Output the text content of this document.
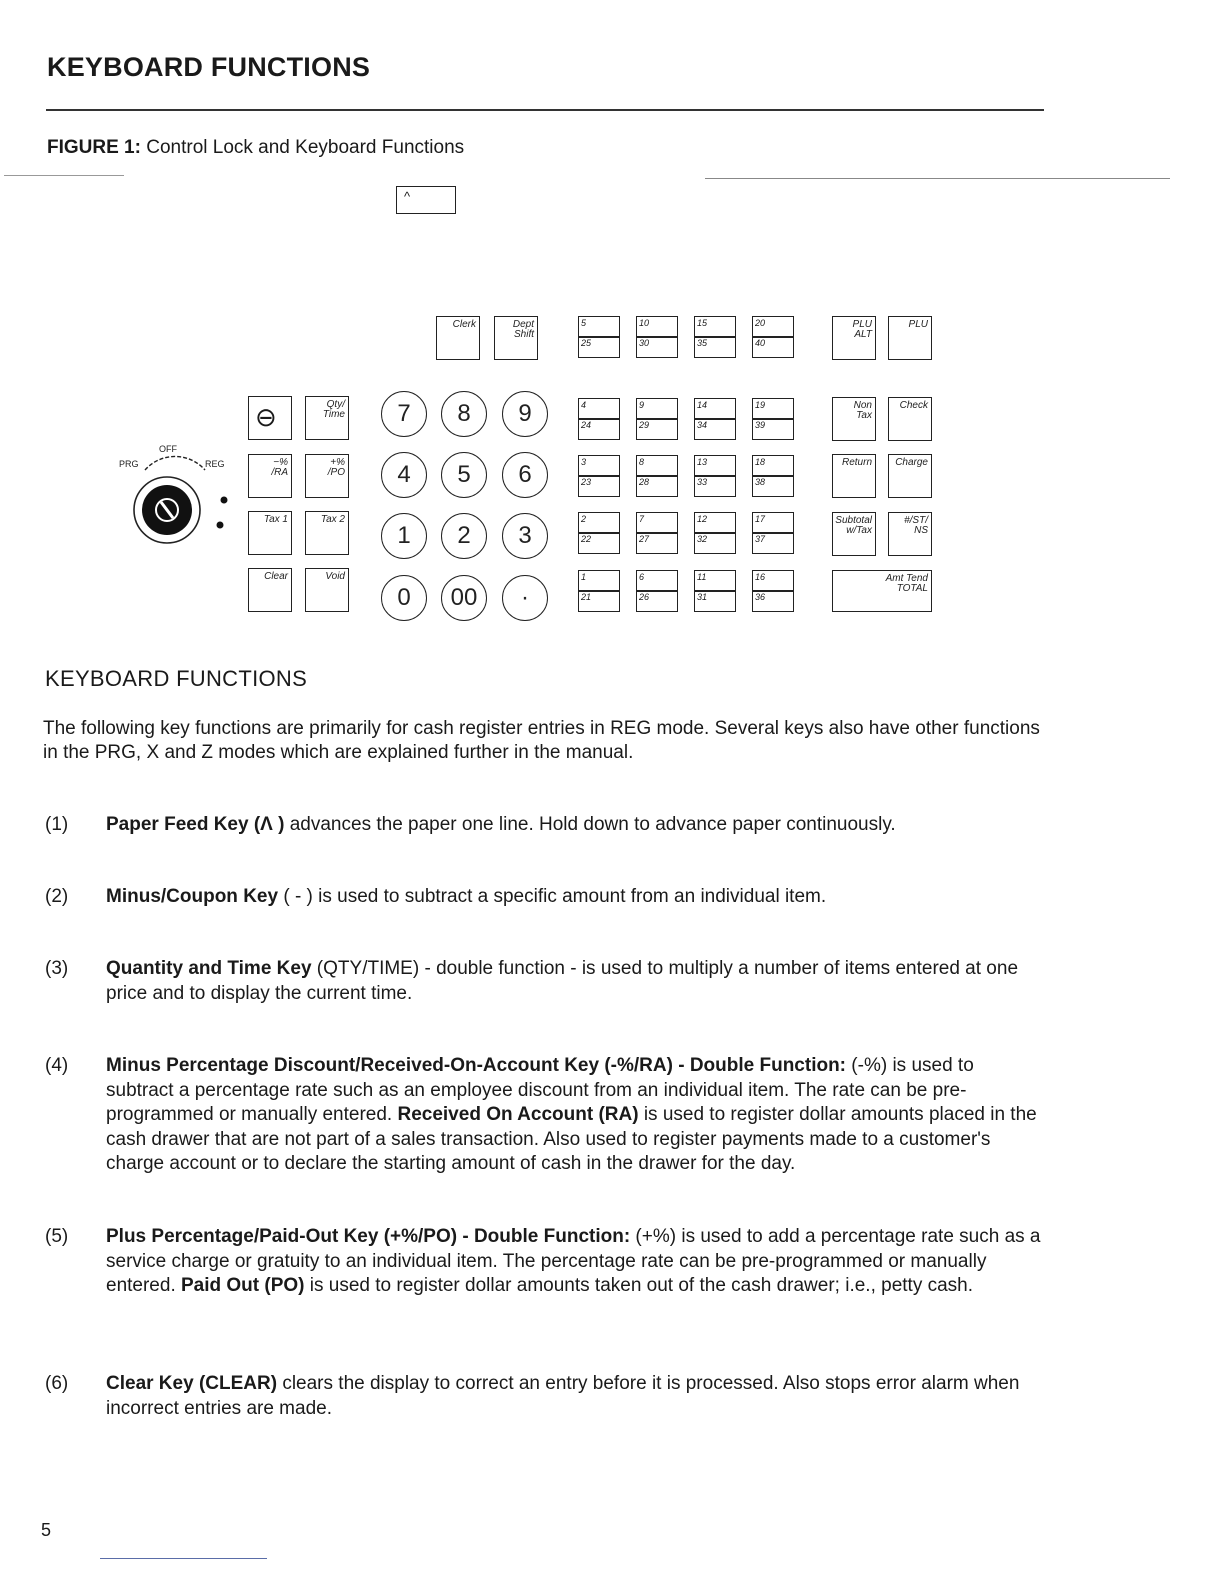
KEYBOARD FUNCTIONS
FIGURE 1: Control Lock and Keyboard Functions
^
OFF
PRG	REG
⊖	Qty/
Time
−%
/RA
+%
/PO
Tax 1	Tax 2
Clear	Void
Clerk	Dept
Shift
7	8	9
4	5	6
1	2	3
0	00	·
5
25
10
30
15
35
20
40
4
24
9
29
14
34
19
39
3
23
8
28
13
33
18
38
2
22
7
27
12
32
17
37
1
21
6
26
11
31
16
36
PLU
ALT
PLU
Non
Tax
Check
Return Charge
Subtotal
w/Tax
#/ST/
NS
Amt Tend
TOTAL
KEYBOARD FUNCTIONS
The following key functions are primarily for cash register entries in REG mode. Several keys also have other functions in the PRG, X and Z modes which are explained further in the manual.
(1) Paper Feed Key (Λ ) advances the paper one line. Hold down to advance paper continuously.
(2) Minus/Coupon Key ( - ) is used to subtract a specific amount from an individual item.
(3) Quantity and Time Key (QTY/TIME) - double function - is used to multiply a number of items entered at one price and to display the current time.
(4) Minus Percentage Discount/Received-On-Account Key (-%/RA) - Double Function: (-%) is used to subtract a percentage rate such as an employee discount from an individual item. The rate can be pre-programmed or manually entered. Received On Account (RA) is used to register dollar amounts placed in the cash drawer that are not part of a sales transaction. Also used to register payments made to a customer's charge account or to declare the starting amount of cash in the drawer for the day.
(5) Plus Percentage/Paid-Out Key (+%/PO) - Double Function: (+%) is used to add a percentage rate such as a service charge or gratuity to an individual item. The percentage rate can be pre-programmed or manually entered. Paid Out (PO) is used to register dollar amounts taken out of the cash drawer; i.e., petty cash.
(6) Clear Key (CLEAR) clears the display to correct an entry before it is processed. Also stops error alarm when incorrect entries are made.
5
